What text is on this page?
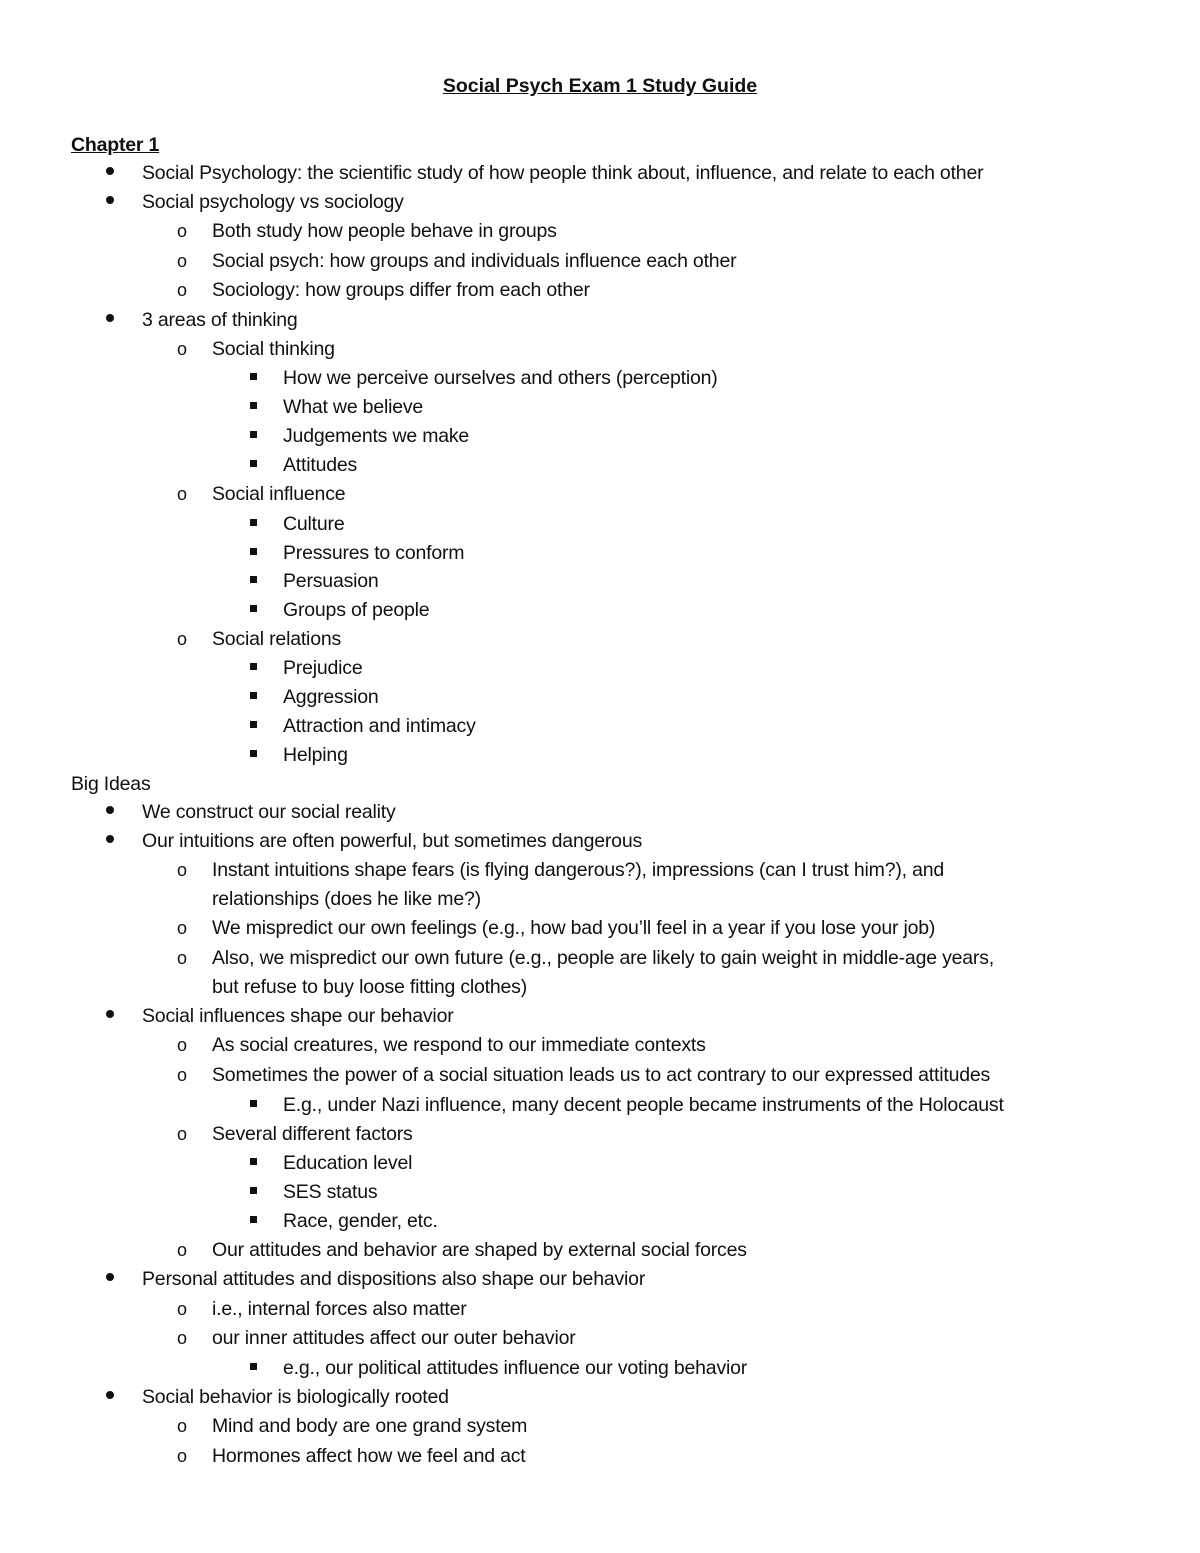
Social Psych Exam 1 Study Guide
Chapter 1
Social Psychology: the scientific study of how people think about, influence, and relate to each other
Social psychology vs sociology
o Both study how people behave in groups
o Social psych: how groups and individuals influence each other
o Sociology: how groups differ from each other
3 areas of thinking
o Social thinking
How we perceive ourselves and others (perception)
What we believe
Judgements we make
Attitudes
o Social influence
Culture
Pressures to conform
Persuasion
Groups of people
o Social relations
Prejudice
Aggression
Attraction and intimacy
Helping
Big Ideas
We construct our social reality
Our intuitions are often powerful, but sometimes dangerous
o Instant intuitions shape fears (is flying dangerous?), impressions (can I trust him?), and
relationships (does he like me?)
o We mispredict our own feelings (e.g., how bad you’ll feel in a year if you lose your job)
o Also, we mispredict our own future (e.g., people are likely to gain weight in middle-age years,
but refuse to buy loose fitting clothes)
Social influences shape our behavior
o As social creatures, we respond to our immediate contexts
o Sometimes the power of a social situation leads us to act contrary to our expressed attitudes
E.g., under Nazi influence, many decent people became instruments of the Holocaust
o Several different factors
Education level
SES status
Race, gender, etc.
o Our attitudes and behavior are shaped by external social forces
Personal attitudes and dispositions also shape our behavior
o i.e., internal forces also matter
o our inner attitudes affect our outer behavior
e.g., our political attitudes influence our voting behavior
Social behavior is biologically rooted
o Mind and body are one grand system
o Hormones affect how we feel and act
